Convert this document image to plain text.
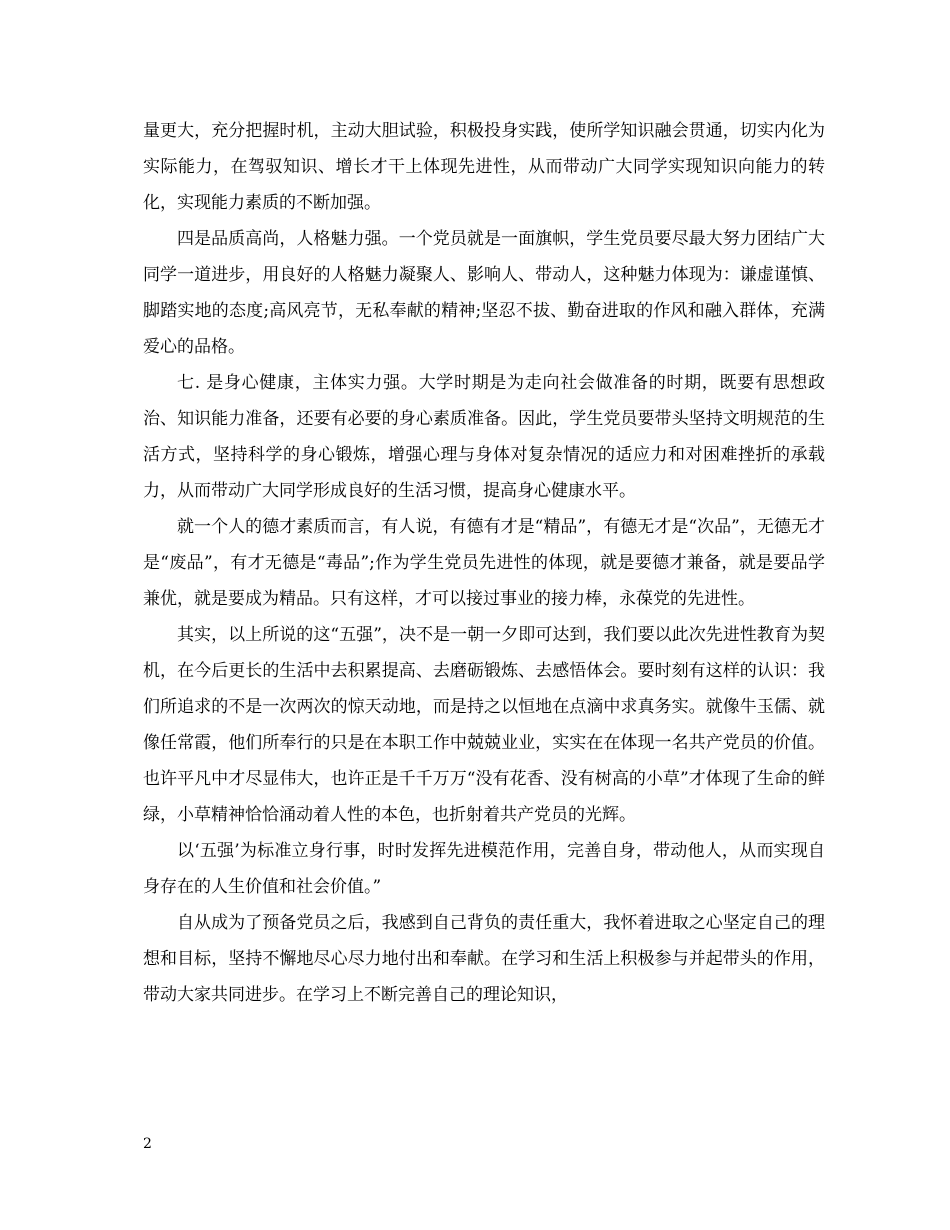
量更大，充分把握时机，主动大胆试验，积极投身实践，使所学知识融会贯通，切实内化为实际能力，在驾驭知识、增长才干上体现先进性，从而带动广大同学实现知识向能力的转化，实现能力素质的不断加强。

四是品质高尚，人格魅力强。一个党员就是一面旗帜，学生党员要尽最大努力团结广大同学一道进步，用良好的人格魅力凝聚人、影响人、带动人，这种魅力体现为：谦虚谨慎、脚踏实地的态度;高风亮节，无私奉献的精神;坚忍不拔、勤奋进取的作风和融入群体，充满爱心的品格。

七. 是身心健康，主体实力强。大学时期是为走向社会做准备的时期，既要有思想政治、知识能力准备，还要有必要的身心素质准备。因此，学生党员要带头坚持文明规范的生活方式，坚持科学的身心锻炼，增强心理与身体对复杂情况的适应力和对困难挫折的承载力，从而带动广大同学形成良好的生活习惯，提高身心健康水平。

就一个人的德才素质而言，有人说，有德有才是“精品”，有德无才是“次品”，无德无才是“废品”，有才无德是“毒品”;作为学生党员先进性的体现，就是要德才兼备，就是要品学兼优，就是要成为精品。只有这样，才可以接过事业的接力棒，永葆党的先进性。

其实，以上所说的这“五强”，决不是一朝一夕即可达到，我们要以此次先进性教育为契机，在今后更长的生活中去积累提高、去磨砺锻炼、去感悟体会。要时刻有这样的认识：我们所追求的不是一次两次的惊天动地，而是持之以恒地在点滴中求真务实。就像牛玉儒、就像任常霞，他们所奉行的只是在本职工作中兢兢业业，实实在在体现一名共产党员的价值。也许平凡中才尽显伟大，也许正是千千万万“没有花香、没有树高的小草”才体现了生命的鲜绿，小草精神恰恰涌动着人性的本色，也折射着共产党员的光辉。

以‘五强’为标准立身行事，时时发挥先进模范作用，完善自身，带动他人，从而实现自身存在的人生价值和社会价值。”

自从成为了预备党员之后，我感到自己背负的责任重大，我怀着进取之心坚定自己的理想和目标，坚持不懈地尽心尽力地付出和奉献。在学习和生活上积极参与并起带头的作用，带动大家共同进步。在学习上不断完善自己的理论知识，

2
